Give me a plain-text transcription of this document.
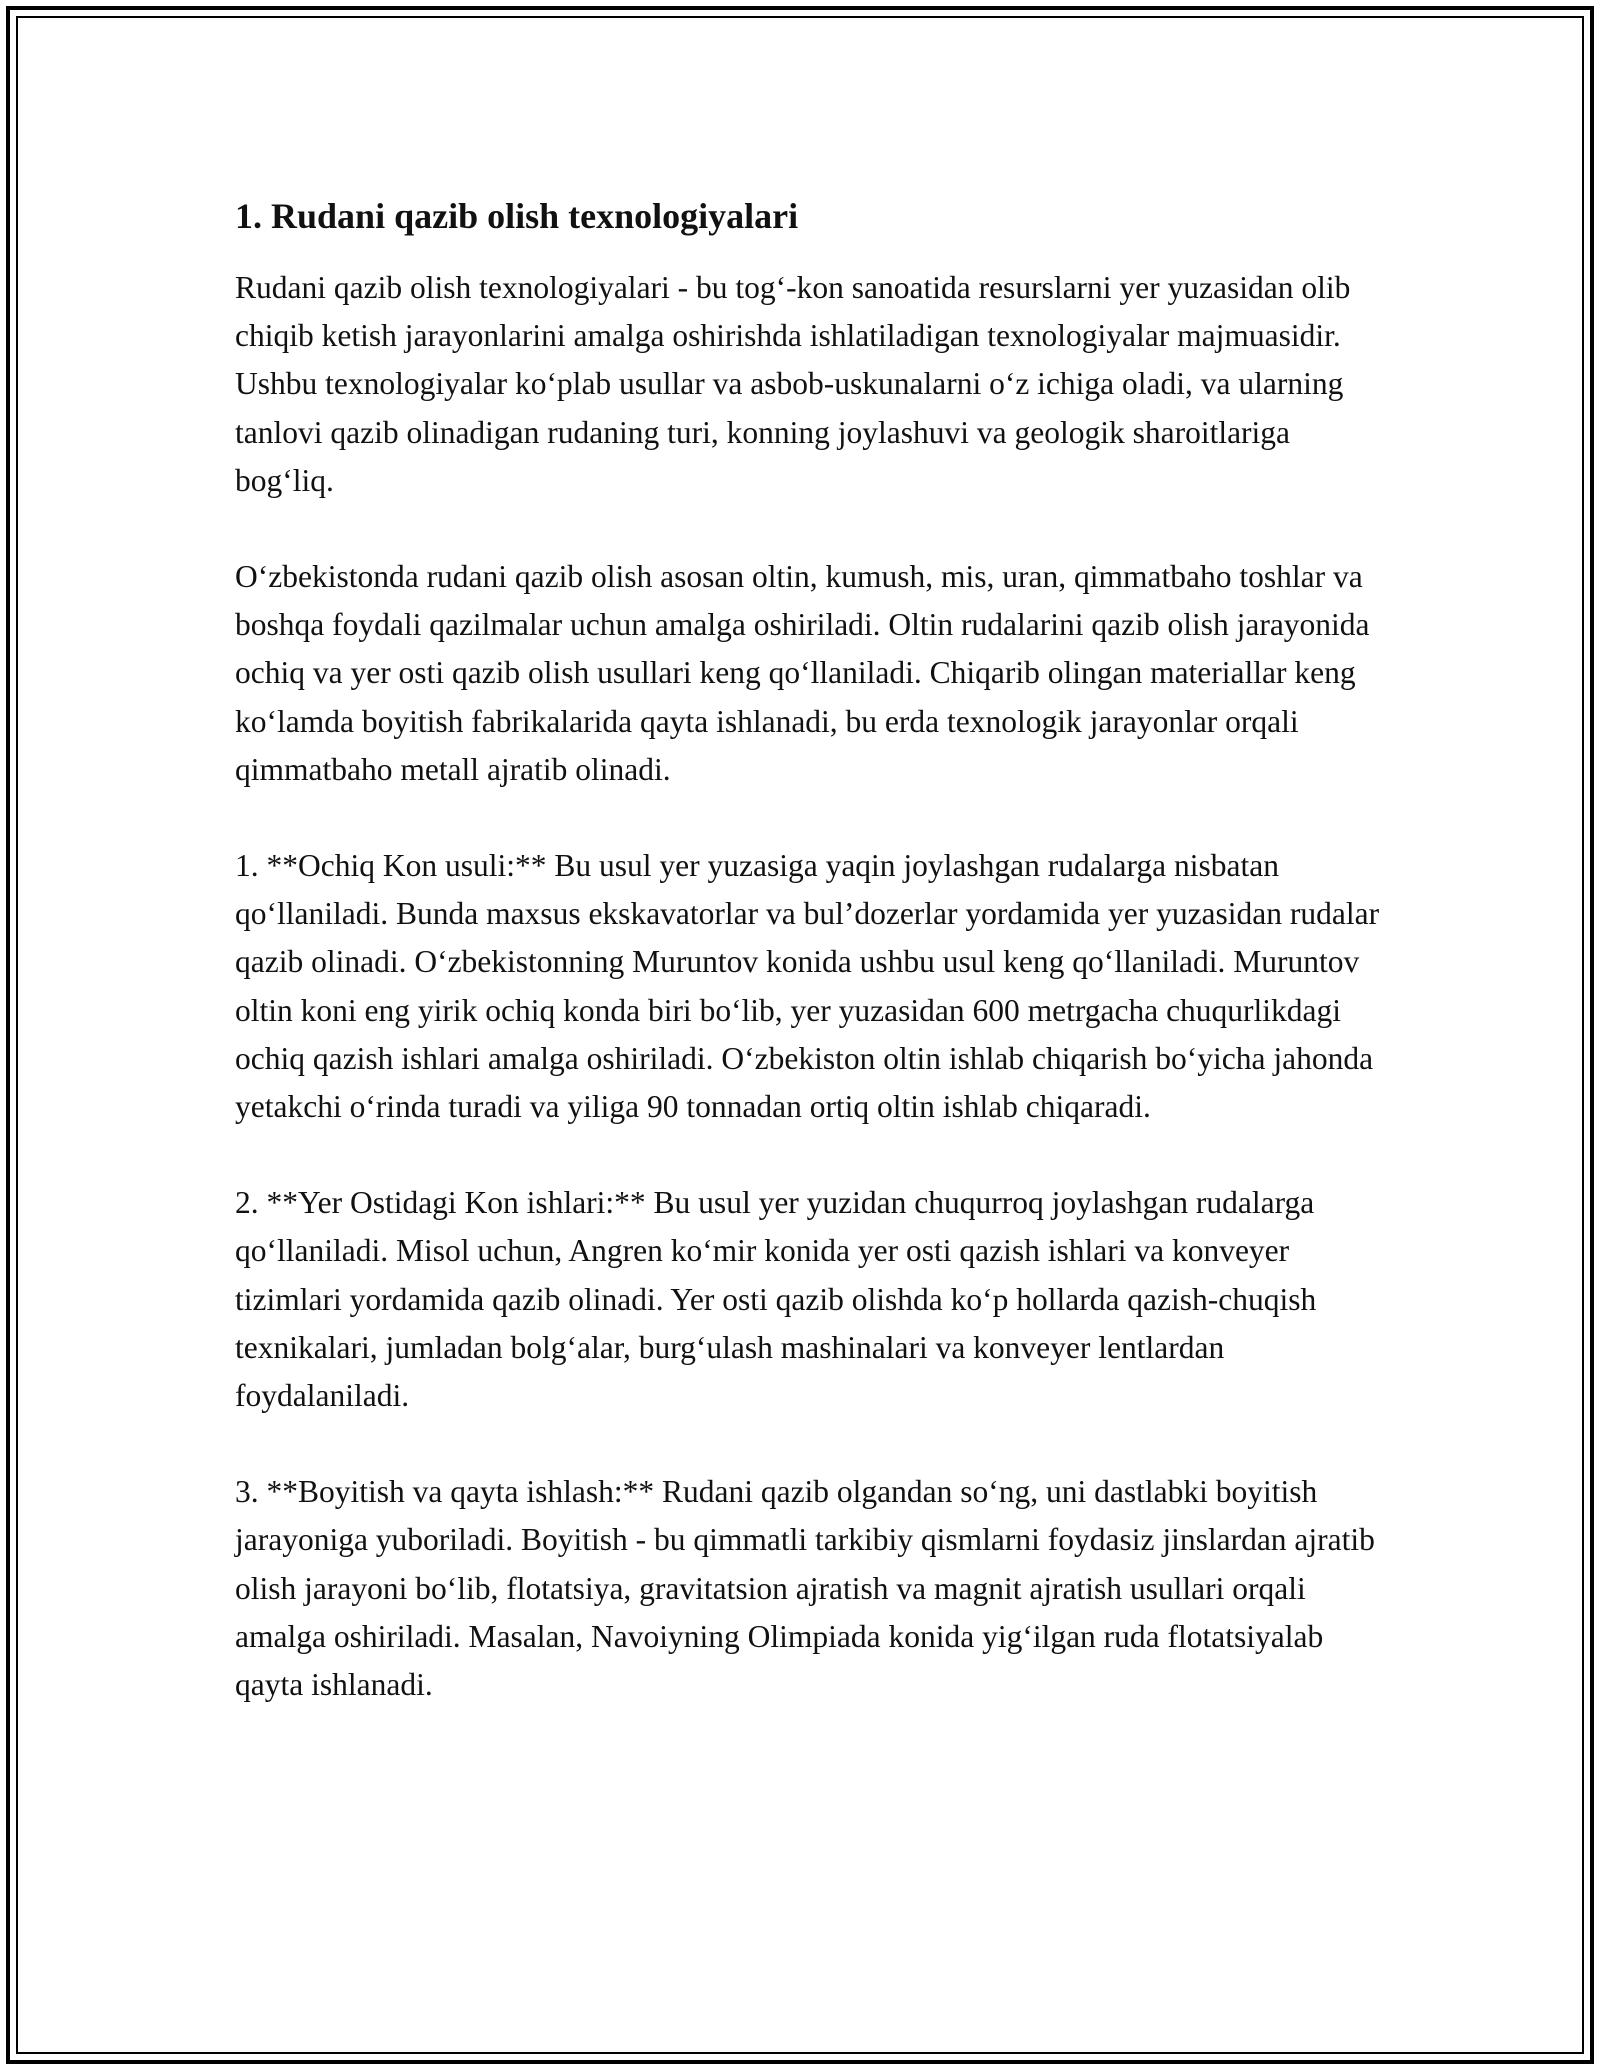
1. Rudani qazib olish texnologiyalari

Rudani qazib olish texnologiyalari - bu tog‘-kon sanoatida resurslarni yer yuzasidan olib chiqib ketish jarayonlarini amalga oshirishda ishlatiladigan texnologiyalar majmuasidir. Ushbu texnologiyalar ko‘plab usullar va asbob-uskunalarni o‘z ichiga oladi, va ularning tanlovi qazib olinadigan rudaning turi, konning joylashuvi va geologik sharoitlariga bog‘liq.

O‘zbekistonda rudani qazib olish asosan oltin, kumush, mis, uran, qimmatbaho toshlar va boshqa foydali qazilmalar uchun amalga oshiriladi. Oltin rudalarini qazib olish jarayonida ochiq va yer osti qazib olish usullari keng qo‘llaniladi. Chiqarib olingan materiallar keng ko‘lamda boyitish fabrikalarida qayta ishlanadi, bu erda texnologik jarayonlar orqali qimmatbaho metall ajratib olinadi.

1. **Ochiq Kon usuli:** Bu usul yer yuzasiga yaqin joylashgan rudalarga nisbatan qo‘llaniladi. Bunda maxsus ekskavatorlar va bul’dozerlar yordamida yer yuzasidan rudalar qazib olinadi. O‘zbekistonning Muruntov konida ushbu usul keng qo‘llaniladi. Muruntov oltin koni eng yirik ochiq konda biri bo‘lib, yer yuzasidan 600 metrgacha chuqurlikdagi ochiq qazish ishlari amalga oshiriladi. O‘zbekiston oltin ishlab chiqarish bo‘yicha jahonda yetakchi o‘rinda turadi va yiliga 90 tonnadan ortiq oltin ishlab chiqaradi.

2. **Yer Ostidagi Kon ishlari:** Bu usul yer yuzidan chuqurroq joylashgan rudalarga qo‘llaniladi. Misol uchun, Angren ko‘mir konida yer osti qazish ishlari va konveyer tizimlari yordamida qazib olinadi. Yer osti qazib olishda ko‘p hollarda qazish-chuqish texnikalari, jumladan bolg‘alar, burg‘ulash mashinalari va konveyer lentlardan foydalaniladi.

3. **Boyitish va qayta ishlash:** Rudani qazib olgandan so‘ng, uni dastlabki boyitish jarayoniga yuboriladi. Boyitish - bu qimmatli tarkibiy qismlarni foydasiz jinslardan ajratib olish jarayoni bo‘lib, flotatsiya, gravitatsion ajratish va magnit ajratish usullari orqali amalga oshiriladi. Masalan, Navoiyning Olimpiada konida yig‘ilgan ruda flotatsiyalab qayta ishlanadi.
